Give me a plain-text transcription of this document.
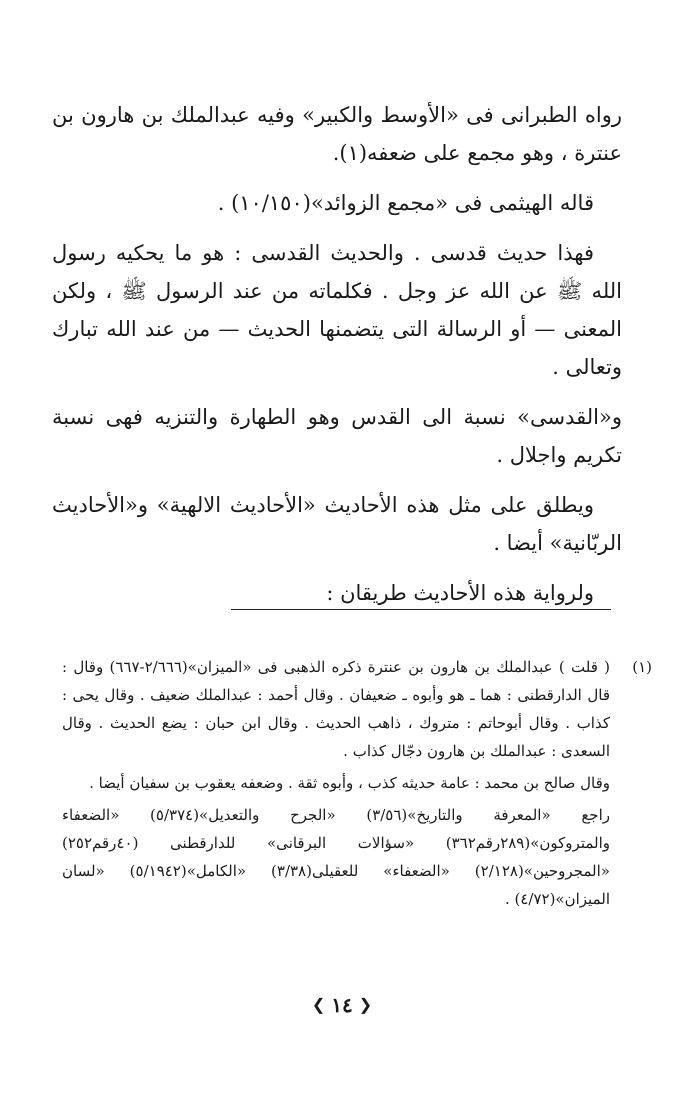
رواه الطبرانى فى «الأوسط والكبير» وفيه عبدالملك بن هارون بن عنترة ، وهو مجمع على ضعفه(١).

قاله الهيثمى فى «مجمع الزوائد»(١٠/١٥٠) .

فهذا حديث قدسى . والحديث القدسى : هو ما يحكيه رسول الله ﷺ عن الله عز وجل . فكلماته من عند الرسول ﷺ ، ولكن المعنى — أو الرسالة التى يتضمنها الحديث — من عند الله تبارك وتعالى .

و«القدسى» نسبة الى القدس وهو الطهارة والتنزيه فهى نسبة تكريم واجلال .

ويطلق على مثل هذه الأحاديث «الأحاديث الالهية» و«الأحاديث الربّانية» أيضا .

ولرواية هذه الأحاديث طريقان :

(١)

( قلت ) عبدالملك بن هارون بن عنترة ذكره الذهبى فى «الميزان»(٢/٦٦٦-٦٦٧) وقال : قال الدارقطنى : هما ـ هو وأبوه ـ ضعيفان . وقال أحمد : عبدالملك ضعيف . وقال يحى : كذاب . وقال أبوحاتم : متروك ، ذاهب الحديث . وقال ابن حبان : يضع الحديث . وقال السعدى : عبدالملك بن هارون دجّال كذاب .

وقال صالح بن محمد : عامة حديثه كذب ، وأبوه ثقة . وضعفه يعقوب بن سفيان أيضا .

راجع «المعرفة والتاريخ»(٣/٥٦) «الجرح والتعديل»(٥/٣٧٤) «الضعفاء والمتروكون»(٢٨٩رقم٣٦٢) «سؤالات البرقانى» للدارقطنى (٤٠رقم٢٥٢) «المجروحين»(٢/١٢٨) «الضعفاء» للعقيلى(٣/٣٨) «الكامل»(٥/١٩٤٢) «لسان الميزان»(٤/٧٢) .

❮ ١٤ ❯
